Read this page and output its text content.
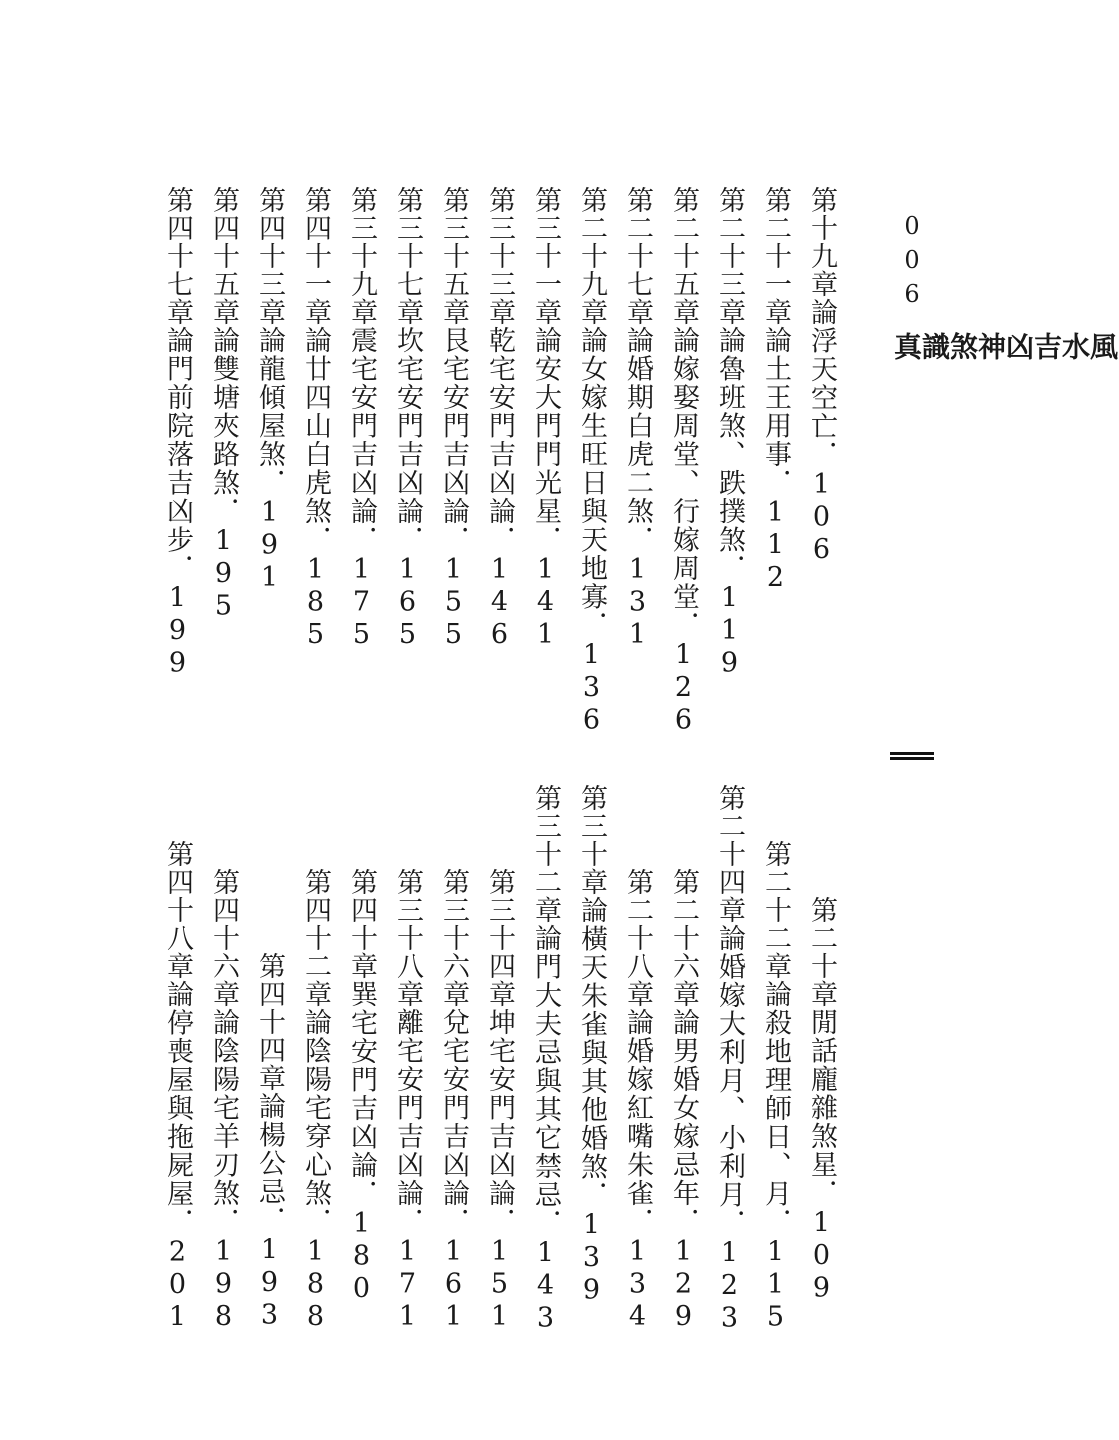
006
風水吉凶神煞識真
第十九章論浮天空亡．106
第二十一章論土王用事．112
第二十三章論魯班煞、跌撲煞．119
第二十五章論嫁娶周堂、行嫁周堂．126
第二十七章論婚期白虎二煞．131
第二十九章論女嫁生旺日與天地寡．136
第三十一章論安大門門光星．141
第三十三章乾宅安門吉凶論．146
第三十五章艮宅安門吉凶論．155
第三十七章坎宅安門吉凶論．165
第三十九章震宅安門吉凶論．175
第四十一章論廿四山白虎煞．185
第四十三章論龍傾屋煞．191
第四十五章論雙塘夾路煞．195
第四十七章論門前院落吉凶步．199
第二十章閒話龐雜煞星．109
第二十二章論殺地理師日、月．115
第二十四章論婚嫁大利月、小利月．123
第二十六章論男婚女嫁忌年．129
第二十八章論婚嫁紅嘴朱雀．134
第三十章論橫天朱雀與其他婚煞．139
第三十二章論門大夫忌與其它禁忌．143
第三十四章坤宅安門吉凶論．151
第三十六章兌宅安門吉凶論．161
第三十八章離宅安門吉凶論．171
第四十章巽宅安門吉凶論．180
第四十二章論陰陽宅穿心煞．188
第四十四章論楊公忌．193
第四十六章論陰陽宅羊刃煞．198
第四十八章論停喪屋與拖屍屋．201
